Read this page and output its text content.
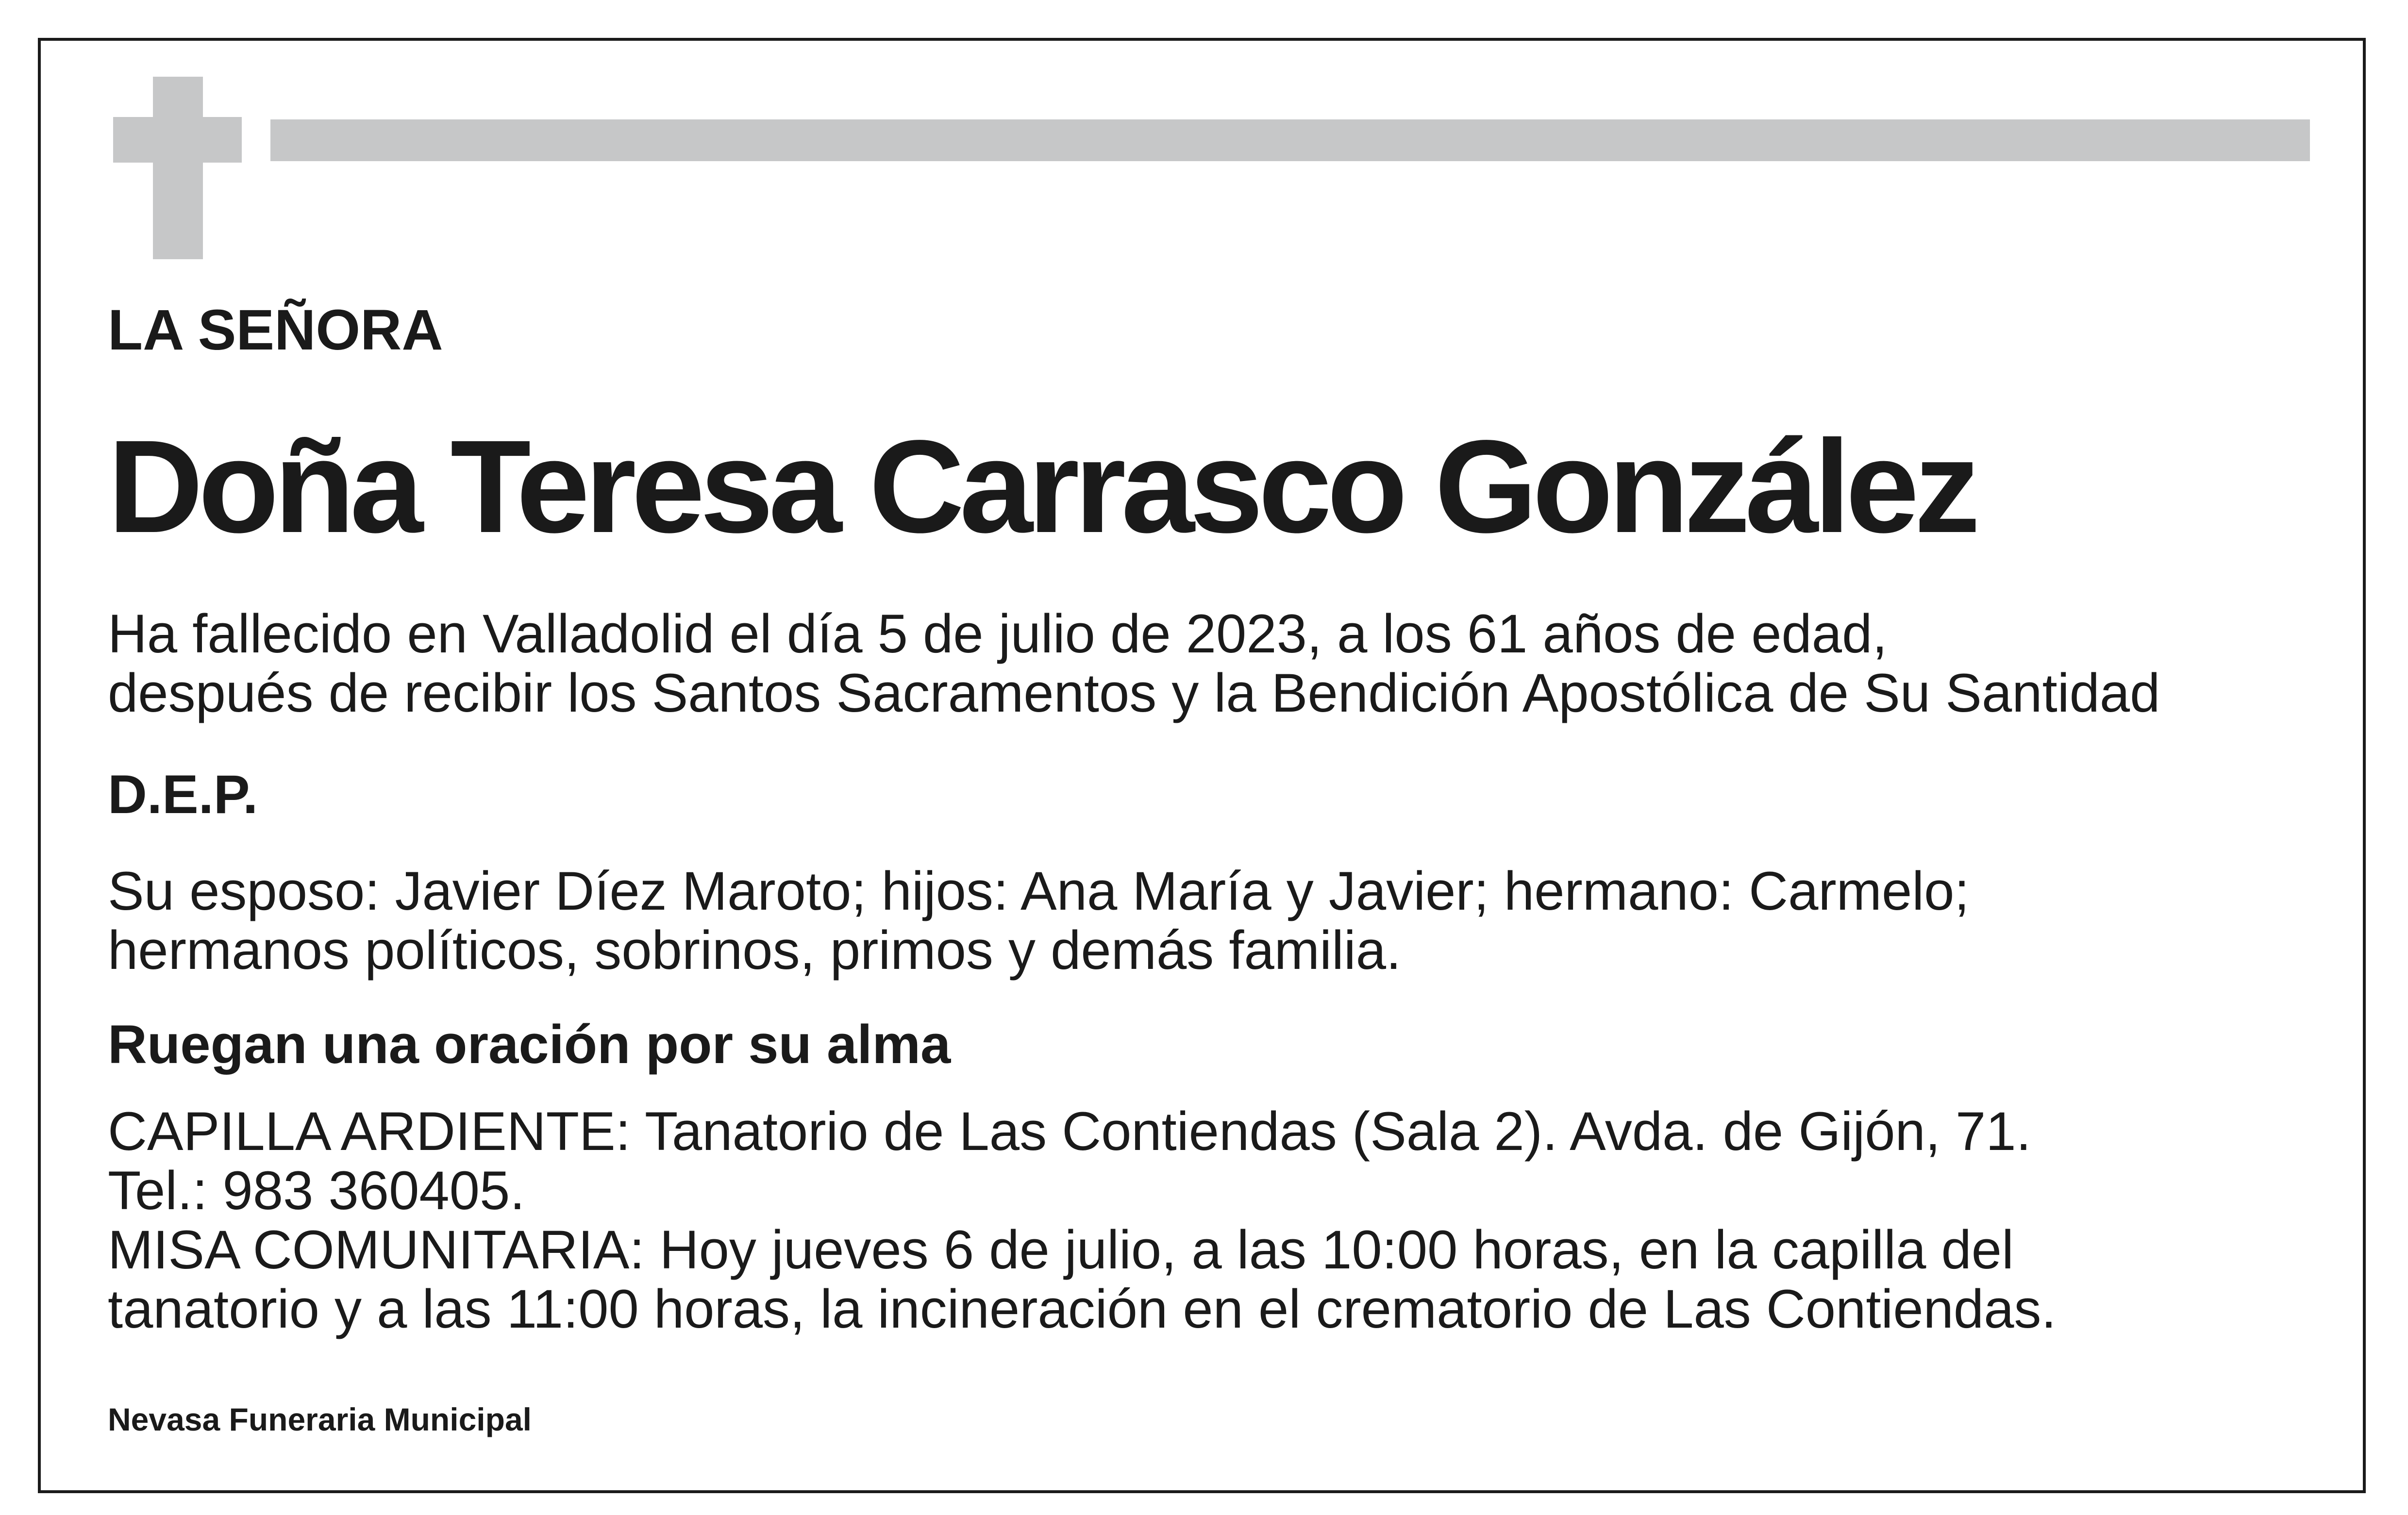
LA SEÑORA
Doña Teresa Carrasco González
Ha fallecido en Valladolid el día 5 de julio de 2023, a los 61 años de edad,
después de recibir los Santos Sacramentos y la Bendición Apostólica de Su Santidad
D.E.P.
Su esposo: Javier Díez Maroto; hijos: Ana María y Javier; hermano: Carmelo;
hermanos políticos, sobrinos, primos y demás familia.
Ruegan una oración por su alma
CAPILLA ARDIENTE: Tanatorio de Las Contiendas (Sala 2). Avda. de Gijón, 71.
Tel.: 983 360405.
MISA COMUNITARIA: Hoy jueves 6 de julio, a las 10:00 horas, en la capilla del
tanatorio y a las 11:00 horas, la incineración en el crematorio de Las Contiendas.
Nevasa Funeraria Municipal
